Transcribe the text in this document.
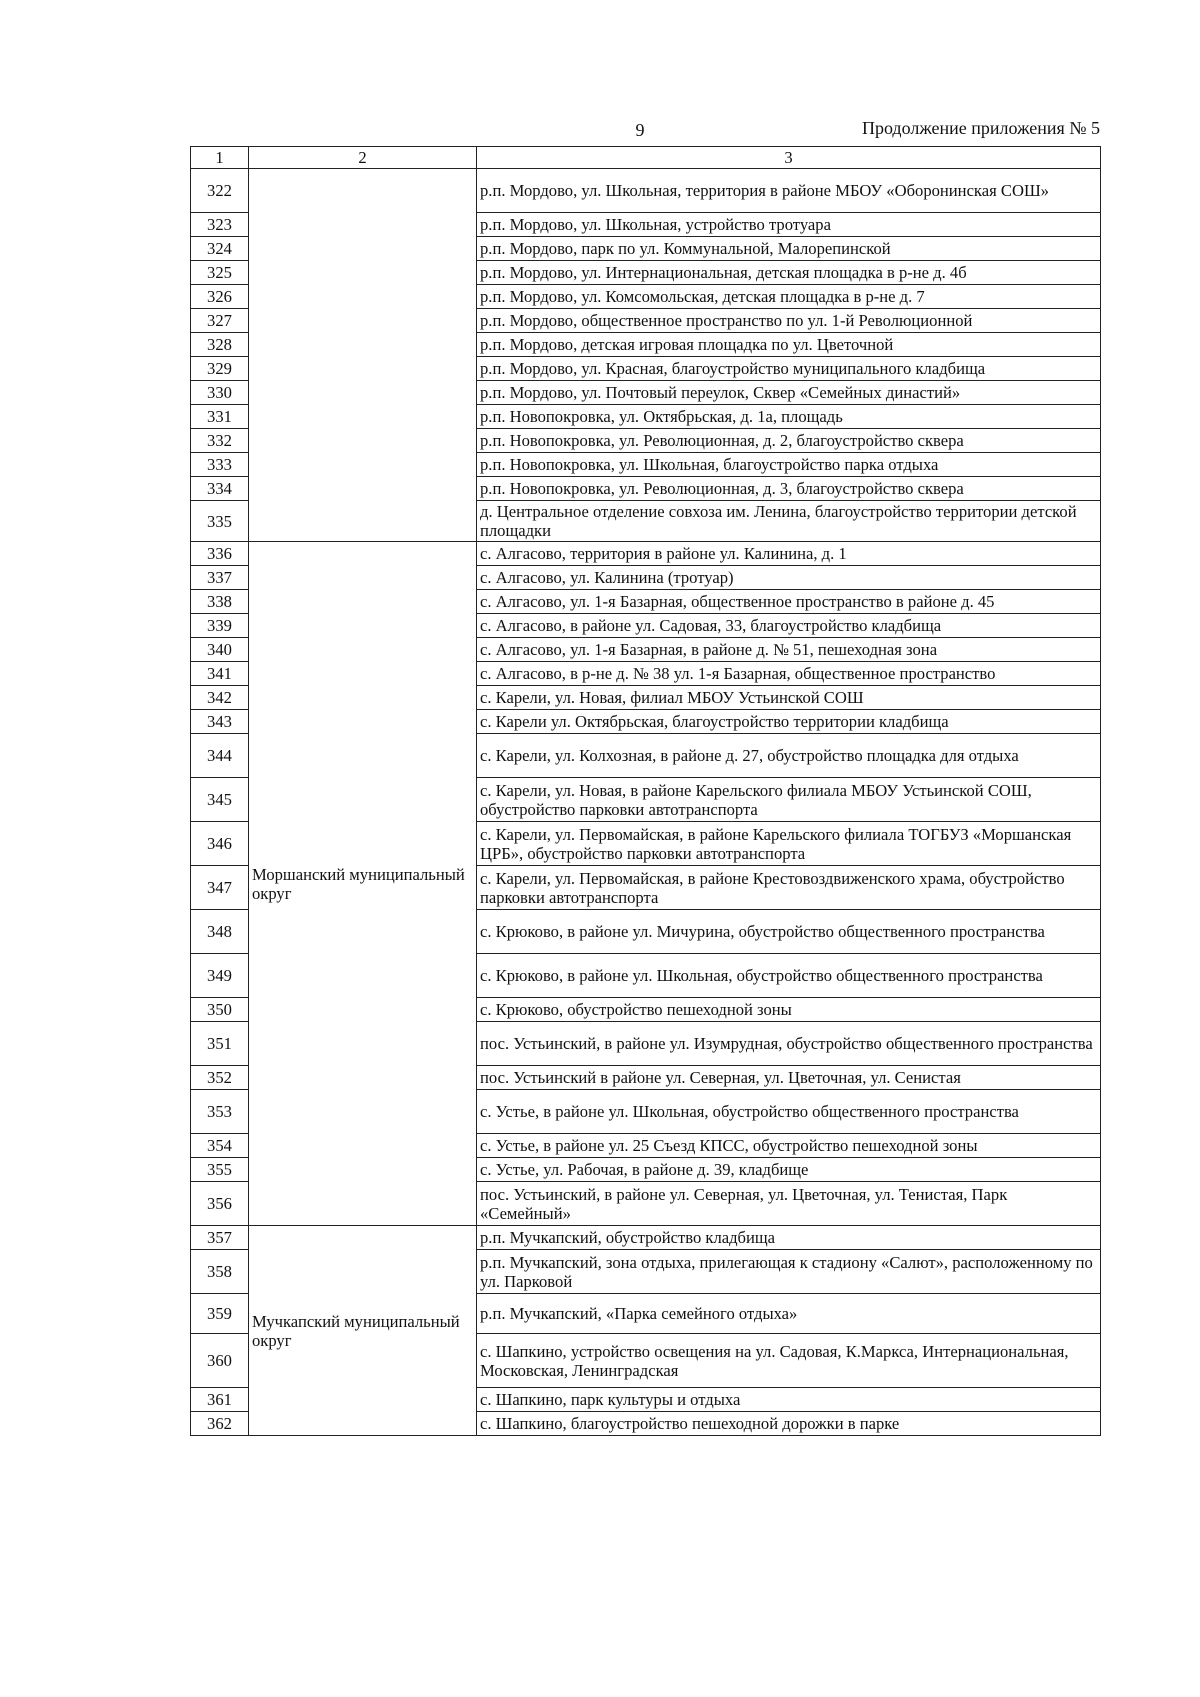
9	Продолжение приложения № 5
1	2	3
322		р.п. Мордово, ул. Школьная, территория в районе МБОУ «Оборонинская СОШ»
323		р.п. Мордово, ул. Школьная, устройство тротуара
324		р.п. Мордово, парк по ул. Коммунальной, Малорепинской
325		р.п. Мордово, ул. Интернациональная, детская площадка в р-не д. 4б
326		р.п. Мордово, ул. Комсомольская, детская площадка в р-не д. 7
327		р.п. Мордово, общественное пространство по ул. 1-й Революционной
328		р.п. Мордово, детская игровая площадка по ул. Цветочной
329		р.п. Мордово, ул. Красная, благоустройство муниципального кладбища
330		р.п. Мордово, ул. Почтовый переулок, Сквер «Семейных династий»
331		р.п. Новопокровка, ул. Октябрьская, д. 1а, площадь
332		р.п. Новопокровка, ул. Революционная, д. 2, благоустройство сквера
333		р.п. Новопокровка, ул. Школьная, благоустройство парка отдыха
334		р.п. Новопокровка, ул. Революционная, д. 3, благоустройство сквера
335		д. Центральное отделение совхоза им. Ленина, благоустройство территории детской площадки
336	Моршанский муниципальный округ	с. Алгасово, территория в районе ул. Калинина, д. 1
337		с. Алгасово, ул. Калинина (тротуар)
338		с. Алгасово, ул. 1-я Базарная, общественное пространство в районе д. 45
339		с. Алгасово, в районе ул. Садовая, 33, благоустройство кладбища
340		с. Алгасово, ул. 1-я Базарная, в районе д. № 51, пешеходная зона
341		с. Алгасово, в р-не д. № 38 ул. 1-я Базарная, общественное пространство
342		с. Карели, ул. Новая, филиал МБОУ Устьинской СОШ
343		с. Карели ул. Октябрьская, благоустройство территории кладбища
344		с. Карели, ул. Колхозная, в районе д. 27, обустройство площадка для отдыха
345		с. Карели, ул. Новая, в районе Карельского филиала МБОУ Устьинской СОШ, обустройство парковки автотранспорта
346		с. Карели, ул. Первомайская, в районе Карельского филиала ТОГБУЗ «Моршанская ЦРБ», обустройство парковки автотранспорта
347		с. Карели, ул. Первомайская, в районе Крестовоздвиженского храма, обустройство парковки автотранспорта
348		с. Крюково, в районе ул. Мичурина, обустройство общественного пространства
349		с. Крюково, в районе ул. Школьная, обустройство общественного пространства
350		с. Крюково, обустройство пешеходной зоны
351		пос. Устьинский, в районе ул. Изумрудная, обустройство общественного пространства
352		пос. Устьинский в районе ул. Северная, ул. Цветочная, ул. Сенистая
353		с. Устье, в районе ул. Школьная, обустройство общественного пространства
354		с. Устье, в районе ул. 25 Съезд КПСС, обустройство пешеходной зоны
355		с. Устье, ул. Рабочая, в районе д. 39, кладбище
356		пос. Устьинский, в районе ул. Северная, ул. Цветочная, ул. Тенистая, Парк «Семейный»
357	Мучкапский муниципальный округ	р.п. Мучкапский, обустройство кладбища
358		р.п. Мучкапский, зона отдыха, прилегающая к стадиону «Салют», расположенному по ул. Парковой
359		р.п. Мучкапский, «Парка семейного отдыха»
360		с. Шапкино, устройство освещения на ул. Садовая, К.Маркса, Интернациональная, Московская, Ленинградская
361		с. Шапкино, парк культуры и отдыха
362		с. Шапкино, благоустройство пешеходной дорожки в парке
